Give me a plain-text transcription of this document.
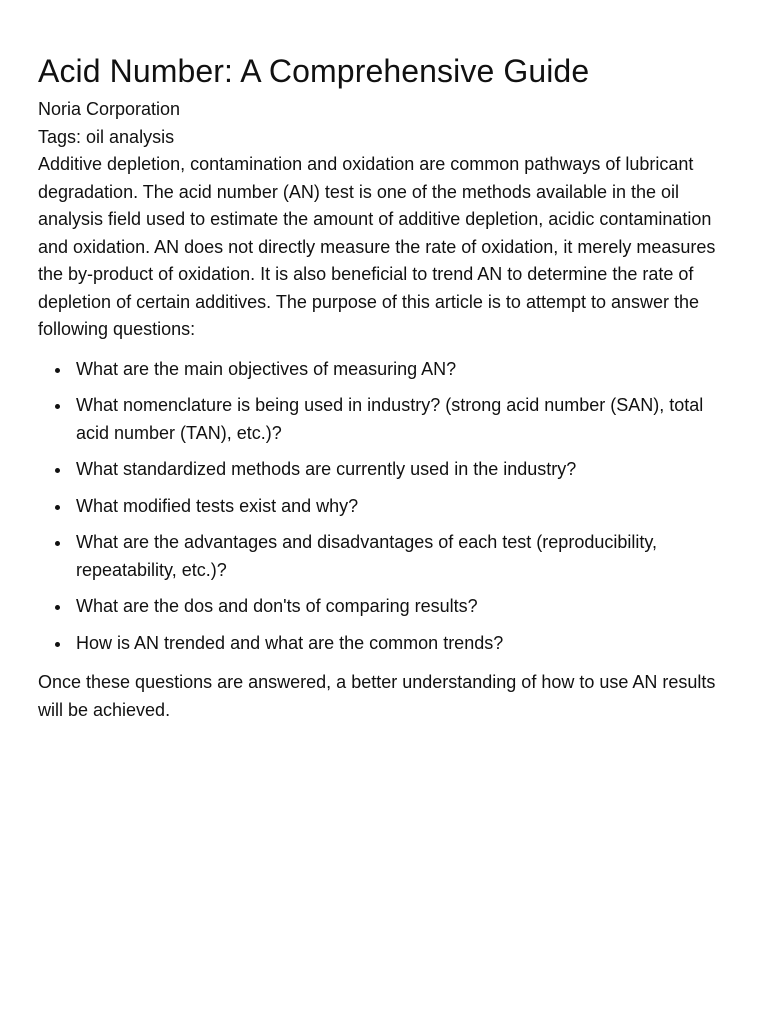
Acid Number: A Comprehensive Guide

Noria Corporation

Tags: oil analysis

Additive depletion, contamination and oxidation are common pathways of lubricant degradation. The acid number (AN) test is one of the methods available in the oil analysis field used to estimate the amount of additive depletion, acidic contamination and oxidation. AN does not directly measure the rate of oxidation, it merely measures the by-product of oxidation. It is also beneficial to trend AN to determine the rate of depletion of certain additives. The purpose of this article is to attempt to answer the following questions:

What are the main objectives of measuring AN?
What nomenclature is being used in industry? (strong acid number (SAN), total acid number (TAN), etc.)?
What standardized methods are currently used in the industry?
What modified tests exist and why?
What are the advantages and disadvantages of each test (reproducibility, repeatability, etc.)?
What are the dos and don'ts of comparing results?
How is AN trended and what are the common trends?

Once these questions are answered, a better understanding of how to use AN results will be achieved.
